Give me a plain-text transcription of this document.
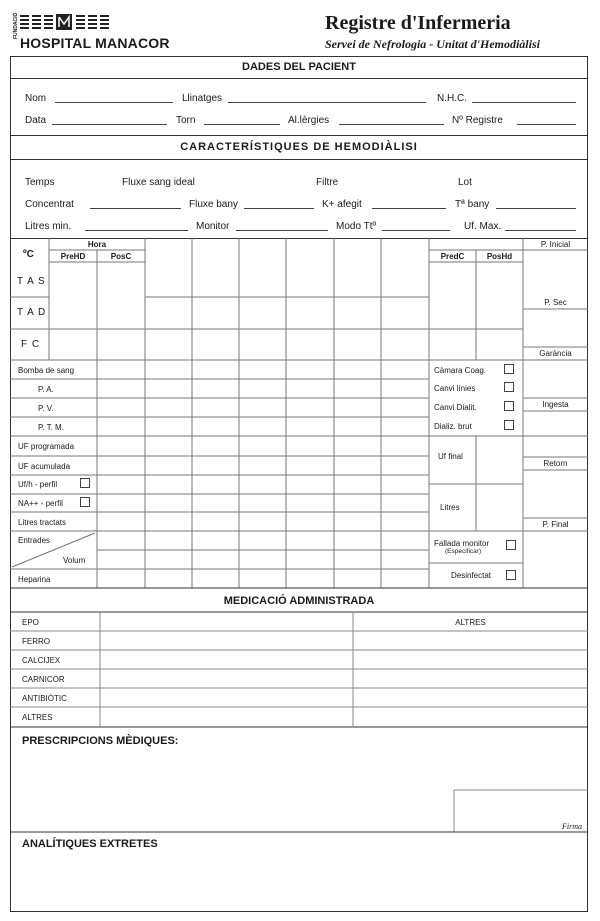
FUNDACIÓ
HOSPITAL MANACOR
Registre d'Infermeria
Servei de Nefrologia - Unitat d'Hemodiàlisi
DADES DEL PACIENT
Nom	Llinatges	N.H.C.
Data	Torn	Al.lèrgies	Nº Registre
CARACTERÍSTIQUES DE HEMODIÀLISI
Temps	Fluxe sang ideal	Filtre	Lot
Concentrat	Fluxe bany	K+ afegit	Tª bany
Litres min.	Monitor	Modo Ttº	Uf. Max.
ºC
Hora
PreHD	PosC	PredC	PosHd
T A S
T A D
F C
P. Inicial
P. Sec
Garància
Ingesta
Retorn
P. Final
Bomba de sang
P. A.
P. V.
P. T. M.
UF programada
UF acumulada
Uf/h - perfil
NA++ - perfil
Litres tractats
Entrades
Volum
Heparina
Càmara Coag.
Canvi línies
Canvi Dialit.
Dializ. brut
Uf final
Litres
Fallada monitor
(Especificar)
Desinfectat
MEDICACIÓ ADMINISTRADA
ALTRES
EPO
FERRO
CALCIJEX
CARNICOR
ANTIBIÒTIC
ALTRES
PRESCRIPCIONS MÈDIQUES:
Firma
ANALÍTIQUES EXTRETES
